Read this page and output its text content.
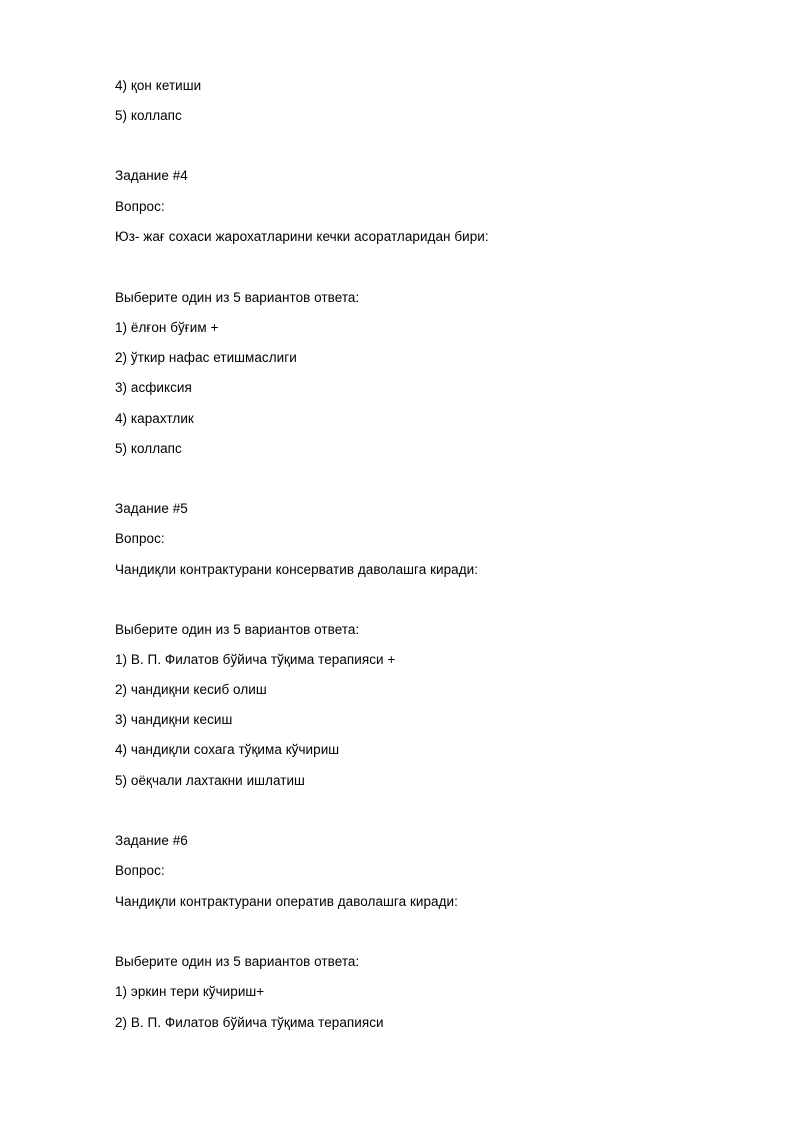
4) қон кетиши
5) коллапс
Задание #4
Вопрос:
Юз- жағ сохаси жарохатларини кечки асоратларидан бири:
Выберите один из 5 вариантов ответа:
1) ёлғон бўғим +
2) ўткир нафас етишмаслиги
3) асфиксия
4) карахтлик
5) коллапс
Задание #5
Вопрос:
Чандиқли контрактурани консерватив даволашга киради:
Выберите один из 5 вариантов ответа:
1) В. П. Филатов бўйича тўқима терапияси +
2) чандиқни кесиб олиш
3) чандиқни кесиш
4) чандиқли сохага тўқима кўчириш
5) оёқчали лахтакни ишлатиш
Задание #6
Вопрос:
Чандиқли контрактурани оператив даволашга киради:
Выберите один из 5 вариантов ответа:
1) эркин тери кўчириш+
2) В. П. Филатов бўйича тўқима терапияси
